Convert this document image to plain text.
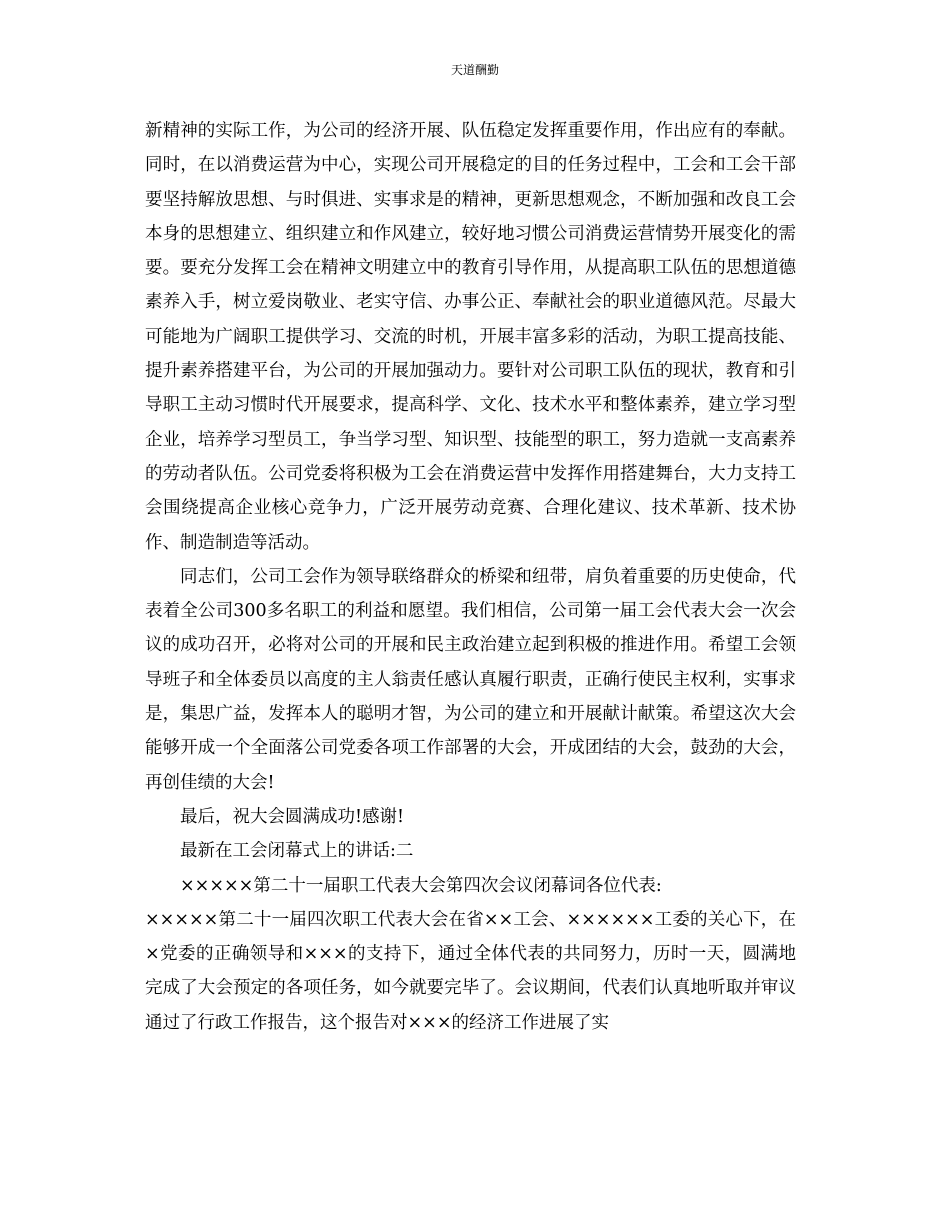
天道酬勤

新精神的实际工作，为公司的经济开展、队伍稳定发挥重要作用，作出应有的奉献。同时，在以消费运营为中心，实现公司开展稳定的目的任务过程中，工会和工会干部要坚持解放思想、与时俱进、实事求是的精神，更新思想观念，不断加强和改良工会本身的思想建立、组织建立和作风建立，较好地习惯公司消费运营情势开展变化的需要。要充分发挥工会在精神文明建立中的教育引导作用，从提高职工队伍的思想道德素养入手，树立爱岗敬业、老实守信、办事公正、奉献社会的职业道德风范。尽最大可能地为广阔职工提供学习、交流的时机，开展丰富多彩的活动，为职工提高技能、提升素养搭建平台，为公司的开展加强动力。要针对公司职工队伍的现状，教育和引导职工主动习惯时代开展要求，提高科学、文化、技术水平和整体素养，建立学习型企业，培养学习型员工，争当学习型、知识型、技能型的职工，努力造就一支高素养的劳动者队伍。公司党委将积极为工会在消费运营中发挥作用搭建舞台，大力支持工会围绕提高企业核心竞争力，广泛开展劳动竞赛、合理化建议、技术革新、技术协作、制造制造等活动。

同志们，公司工会作为领导联络群众的桥梁和纽带，肩负着重要的历史使命，代表着全公司300多名职工的利益和愿望。我们相信，公司第一届工会代表大会一次会议的成功召开，必将对公司的开展和民主政治建立起到积极的推进作用。希望工会领导班子和全体委员以高度的主人翁责任感认真履行职责，正确行使民主权利，实事求是，集思广益，发挥本人的聪明才智，为公司的建立和开展献计献策。希望这次大会能够开成一个全面落公司党委各项工作部署的大会，开成团结的大会，鼓劲的大会，再创佳绩的大会!

最后，祝大会圆满成功!感谢!

最新在工会闭幕式上的讲话:二

×××××第二十一届职工代表大会第四次会议闭幕词各位代表:

×××××第二十一届四次职工代表大会在省××工会、××××××工委的关心下，在×党委的正确领导和×××的支持下，通过全体代表的共同努力，历时一天，圆满地完成了大会预定的各项任务，如今就要完毕了。会议期间，代表们认真地听取并审议通过了行政工作报告，这个报告对×××的经济工作进展了实
